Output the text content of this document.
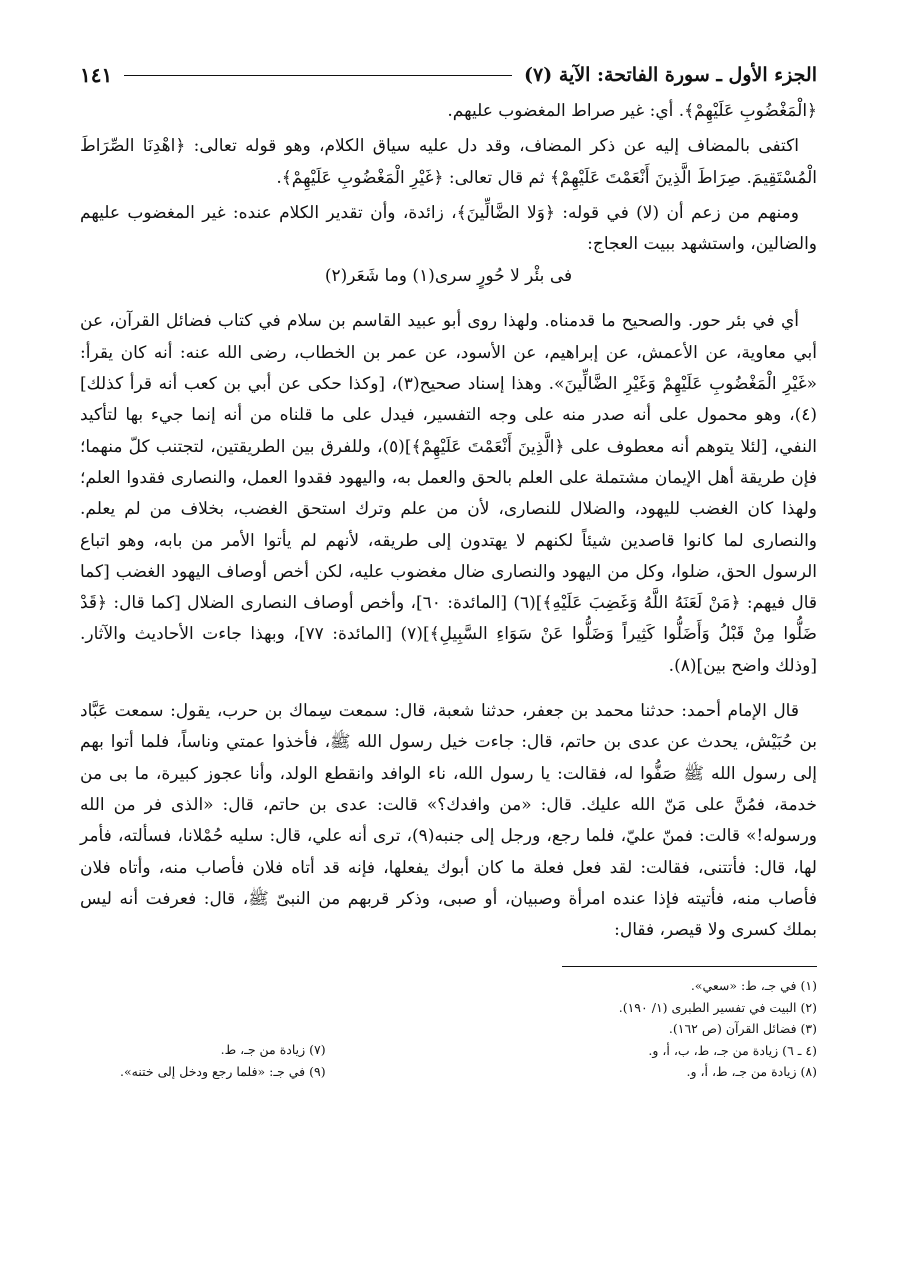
الجزء الأول ـ سورة الفاتحة: الآية (٧)
١٤١

﴿الْمَغْضُوبِ عَلَيْهِمْ﴾. أي: غير صراط المغضوب عليهم.

اكتفى بالمضاف إليه عن ذكر المضاف، وقد دل عليه سياق الكلام، وهو قوله تعالى: ﴿اهْدِنَا الصِّرَاطَ الْمُسْتَقِيمَ. صِرَاطَ الَّذِينَ أَنْعَمْتَ عَلَيْهِمْ﴾ ثم قال تعالى: ﴿غَيْرِ الْمَغْضُوبِ عَلَيْهِمْ﴾.

ومنهم من زعم أن (لا) في قوله: ﴿وَلا الضَّالِّينَ﴾، زائدة، وأن تقدير الكلام عنده: غير المغضوب عليهم والضالين، واستشهد ببيت العجاج:

فى بئْر لا حُورٍ سرى(١) وما شَعَر(٢)

أي في بئر حور. والصحيح ما قدمناه. ولهذا روى أبو عبيد القاسم بن سلام في كتاب فضائل القرآن، عن أبي معاوية، عن الأعمش، عن إبراهيم، عن الأسود، عن عمر بن الخطاب، رضى الله عنه: أنه كان يقرأ: «غَيْرِ الْمَغْضُوبِ عَلَيْهِمْ وَغَيْرِ الضَّالِّينَ». وهذا إسناد صحيح(٣)، [وكذا حكى عن أبي بن كعب أنه قرأ كذلك](٤)، وهو محمول على أنه صدر منه على وجه التفسير، فيدل على ما قلناه من أنه إنما جيء بها لتأكيد النفي، [لئلا يتوهم أنه معطوف على ﴿الَّذِينَ أَنْعَمْتَ عَلَيْهِمْ﴾](٥)، وللفرق بين الطريقتين، لتجتنب كلّ منهما؛ فإن طريقة أهل الإيمان مشتملة على العلم بالحق والعمل به، واليهود فقدوا العمل، والنصارى فقدوا العلم؛ ولهذا كان الغضب لليهود، والضلال للنصارى، لأن من علم وترك استحق الغضب، بخلاف من لم يعلم. والنصارى لما كانوا قاصدين شيئاً لكنهم لا يهتدون إلى طريقه، لأنهم لم يأتوا الأمر من بابه، وهو اتباع الرسول الحق، ضلوا، وكل من اليهود والنصارى ضال مغضوب عليه، لكن أخص أوصاف اليهود الغضب [كما قال فيهم: ﴿مَنْ لَعَنَهُ اللَّهُ وَغَضِبَ عَلَيْهِ﴾](٦) [المائدة: ٦٠]، وأخص أوصاف النصارى الضلال [كما قال: ﴿قَدْ ضَلُّوا مِنْ قَبْلُ وَأَضَلُّوا كَثِيراً وَضَلُّوا عَنْ سَوَاءِ السَّبِيلِ﴾](٧) [المائدة: ٧٧]، وبهذا جاءت الأحاديث والآثار. [وذلك واضح بين](٨).

قال الإمام أحمد: حدثنا محمد بن جعفر، حدثنا شعبة، قال: سمعت سِماك بن حرب، يقول: سمعت عَبَّاد بن حُبَيْش، يحدث عن عدى بن حاتم، قال: جاءت خيل رسول الله ﷺ، فأخذوا عمتي وناساً، فلما أتوا بهم إلى رسول الله ﷺ صَفُّوا له، فقالت: يا رسول الله، ناء الوافد وانقطع الولد، وأنا عجوز كبيرة، ما بى من خدمة، فمُنَّ على مَنّ الله عليك. قال: «من وافدك؟» قالت: عدى بن حاتم، قال: «الذى فر من الله ورسوله!» قالت: فمنّ عليّ، فلما رجع، ورجل إلى جنبه(٩)، ترى أنه علي، قال: سليه حُمْلانا، فسألته، فأمر لها، قال: فأتتنى، فقالت: لقد فعل فعلة ما كان أبوك يفعلها، فإنه قد أتاه فلان فأصاب منه، وأتاه فلان فأصاب منه، فأتيته فإذا عنده امرأة وصبيان، أو صبى، وذكر قربهم من النبىّ ﷺ، قال: فعرفت أنه ليس بملك كسرى ولا قيصر، فقال:

(١) في جـ، ط: «سعي».
(٢) البيت في تفسير الطبرى (١/ ١٩٠).
(٣) فضائل القرآن (ص ١٦٢).
(٤ ـ ٦) زيادة من جـ، ط، ب، أ، و.
(٨) زيادة من جـ، ط، أ، و.
(٧) زيادة من جـ، ط.
(٩) في جـ: «فلما رجع ودخل إلى ختنه».
